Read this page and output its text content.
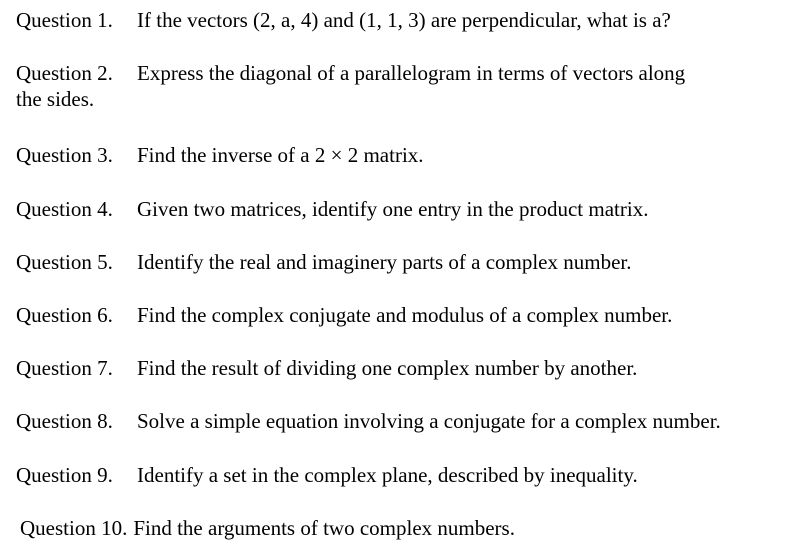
Question 1. If the vectors (2, a, 4) and (1, 1, 3) are perpendicular, what is a?
Question 2. Express the diagonal of a parallelogram in terms of vectors along
the sides.
Question 3. Find the inverse of a 2 × 2 matrix.
Question 4. Given two matrices, identify one entry in the product matrix.
Question 5. Identify the real and imaginery parts of a complex number.
Question 6. Find the complex conjugate and modulus of a complex number.
Question 7. Find the result of dividing one complex number by another.
Question 8. Solve a simple equation involving a conjugate for a complex number.
Question 9. Identify a set in the complex plane, described by inequality.
Question 10. Find the arguments of two complex numbers.
